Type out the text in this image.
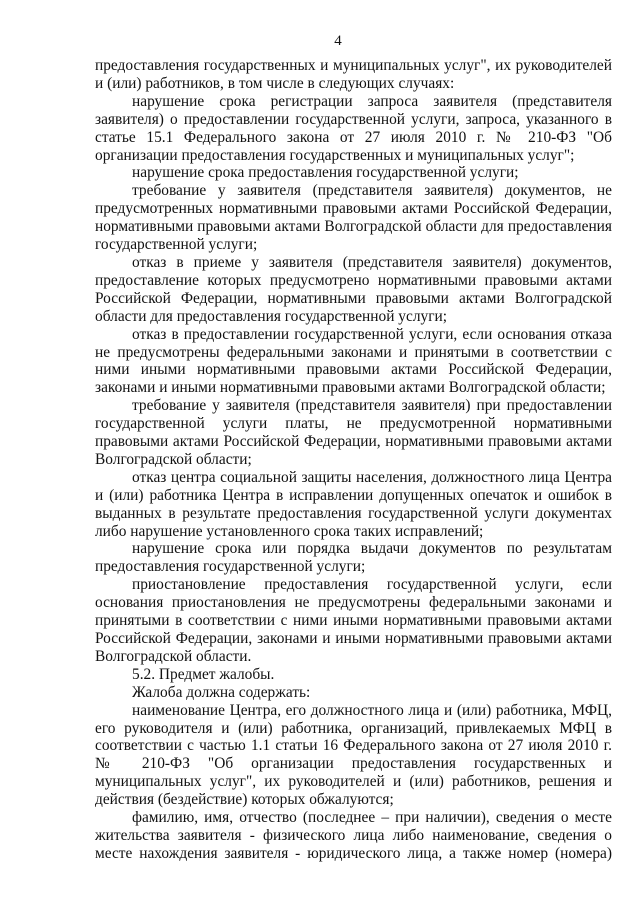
4

предоставления государственных и муниципальных услуг", их руководителей и (или) работников, в том числе в следующих случаях:

нарушение срока регистрации запроса заявителя (представителя заявителя) о предоставлении государственной услуги, запроса, указанного в статье 15.1 Федерального закона от 27 июля 2010 г. № 210-ФЗ "Об организации предоставления государственных и муниципальных услуг";

нарушение срока предоставления государственной услуги;

требование у заявителя (представителя заявителя) документов, не предусмотренных нормативными правовыми актами Российской Федерации, нормативными правовыми актами Волгоградской области для предоставления государственной услуги;

отказ в приеме у заявителя (представителя заявителя) документов, предоставление которых предусмотрено нормативными правовыми актами Российской Федерации, нормативными правовыми актами Волгоградской области для предоставления государственной услуги;

отказ в предоставлении государственной услуги, если основания отказа не предусмотрены федеральными законами и принятыми в соответствии с ними иными нормативными правовыми актами Российской Федерации, законами и иными нормативными правовыми актами Волгоградской области;

требование у заявителя (представителя заявителя) при предоставлении государственной услуги платы, не предусмотренной нормативными правовыми актами Российской Федерации, нормативными правовыми актами Волгоградской области;

отказ центра социальной защиты населения, должностного лица Центра и (или) работника Центра в исправлении допущенных опечаток и ошибок в выданных в результате предоставления государственной услуги документах либо нарушение установленного срока таких исправлений;

нарушение срока или порядка выдачи документов по результатам предоставления государственной услуги;

приостановление предоставления государственной услуги, если основания приостановления не предусмотрены федеральными законами и принятыми в соответствии с ними иными нормативными правовыми актами Российской Федерации, законами и иными нормативными правовыми актами Волгоградской области.

5.2. Предмет жалобы.

Жалоба должна содержать:

наименование Центра, его должностного лица и (или) работника, МФЦ, его руководителя и (или) работника, организаций, привлекаемых МФЦ в соответствии с частью 1.1 статьи 16 Федерального закона от 27 июля 2010 г. № 210-ФЗ "Об организации предоставления государственных и муниципальных услуг", их руководителей и (или) работников, решения и действия (бездействие) которых обжалуются;

фамилию, имя, отчество (последнее – при наличии), сведения о месте жительства заявителя - физического лица либо наименование, сведения о месте нахождения заявителя - юридического лица, а также номер (номера)
